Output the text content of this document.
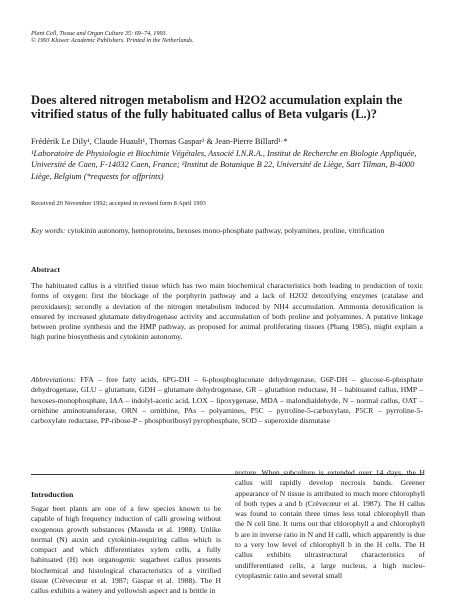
Plant Cell, Tissue and Organ Culture 35: 69–74, 1993.
© 1993 Kluwer Academic Publishers. Printed in the Netherlands.
Does altered nitrogen metabolism and H2O2 accumulation explain the vitrified status of the fully habituated callus of Beta vulgaris (L.)?
Frédérik Le Dily¹, Claude Huault¹, Thomas Gaspar² & Jean-Pierre Billard¹·*
¹Laboratoire de Physiologie et Biochimie Végétales, Associé I.N.R.A., Institut de Recherche en Biologie Appliquée, Université de Caen, F-14032 Caen, France; ²Institut de Botanique B 22, Université de Liège, Sart Tilman, B-4000 Liège, Belgium (*requests for offprints)
Received 20 November 1992; accepted in revised form 8 April 1993
Key words: cytokinin autonomy, hemoproteins, hexoses mono-phosphate pathway, polyamines, proline, vitrification
Abstract
The habituated callus is a vitrified tissue which has two main biochemical characteristics both leading to production of toxic forms of oxygen: first the blockage of the porphyrin pathway and a lack of H2O2 detoxifying enzymes (catalase and peroxidases); secondly a deviation of the nitrogen metabolism induced by NH4 accumulation. Ammonia detoxification is ensured by increased glutamate dehydrogenase activity and accumulation of both proline and polyamines. A putative linkage between proline synthesis and the HMP pathway, as proposed for animal proliferating tissues (Phang 1985), might explain a high purine biosynthesis and cytokinin autonomy.
Abbreviations: FFA – free fatty acids, 6PG-DH – 6-phosphogluconate dehydrogenase, G6P-DH – glucose-6-phosphate dehydrogenase, GLU – glutamate, GDH – glutamate dehydrogenase, GR – glutathion reductase, H – habituated callus, HMP – hexoses-monophosphate, IAA – indolyl-acetic acid, LOX – lipoxygenase, MDA – malondialdehyde, N – normal callus, OAT – ornithine aminotransferase, ORN – ornithine, PAs – polyamines, P5C – pyrroline-5-carboxylate, P5CR – pyrroline-5-carboxylate reductase, PP-ribose-P – phosphoribosyl pyrophosphate, SOD – superoxide dismutase
Introduction

Sugar beet plants are one of a few species known to be capable of high frequency induction of calli growing without exogenous growth substances (Masuda et al. 1988). Unlike normal (N) auxin and cytokinin-requiring callus which is compact and which differentiates xylem cells, a fully habituated (H) non organogenic sugarbeet callus presents biochemical and histological characteristics of a vitrified tissue (Crèvecœur et al. 1987; Gaspar et al. 1988). The H callus exhibits a watery and yellowish aspect and is brittle in

texture. When subculture is extended over 14 days, the H callus will rapidly develop necrosis bands. Greener appearance of N tissue is attributed to much more chlorophyll of both types a and b (Crèvecœur et al. 1987). The H callus was found to contain three times less total chlorophyll than the N cell line. It turns out that chlorophyll a and chlorophyll b are in inverse ratio in N and H calli, which apparently is due to a very low level of chlorophyll b in the H cells. The H callus exhibits ultrastructural characteristics of undifferentiated cells, a large nucleus, a high nucleo-cytoplasmic ratio and several small
